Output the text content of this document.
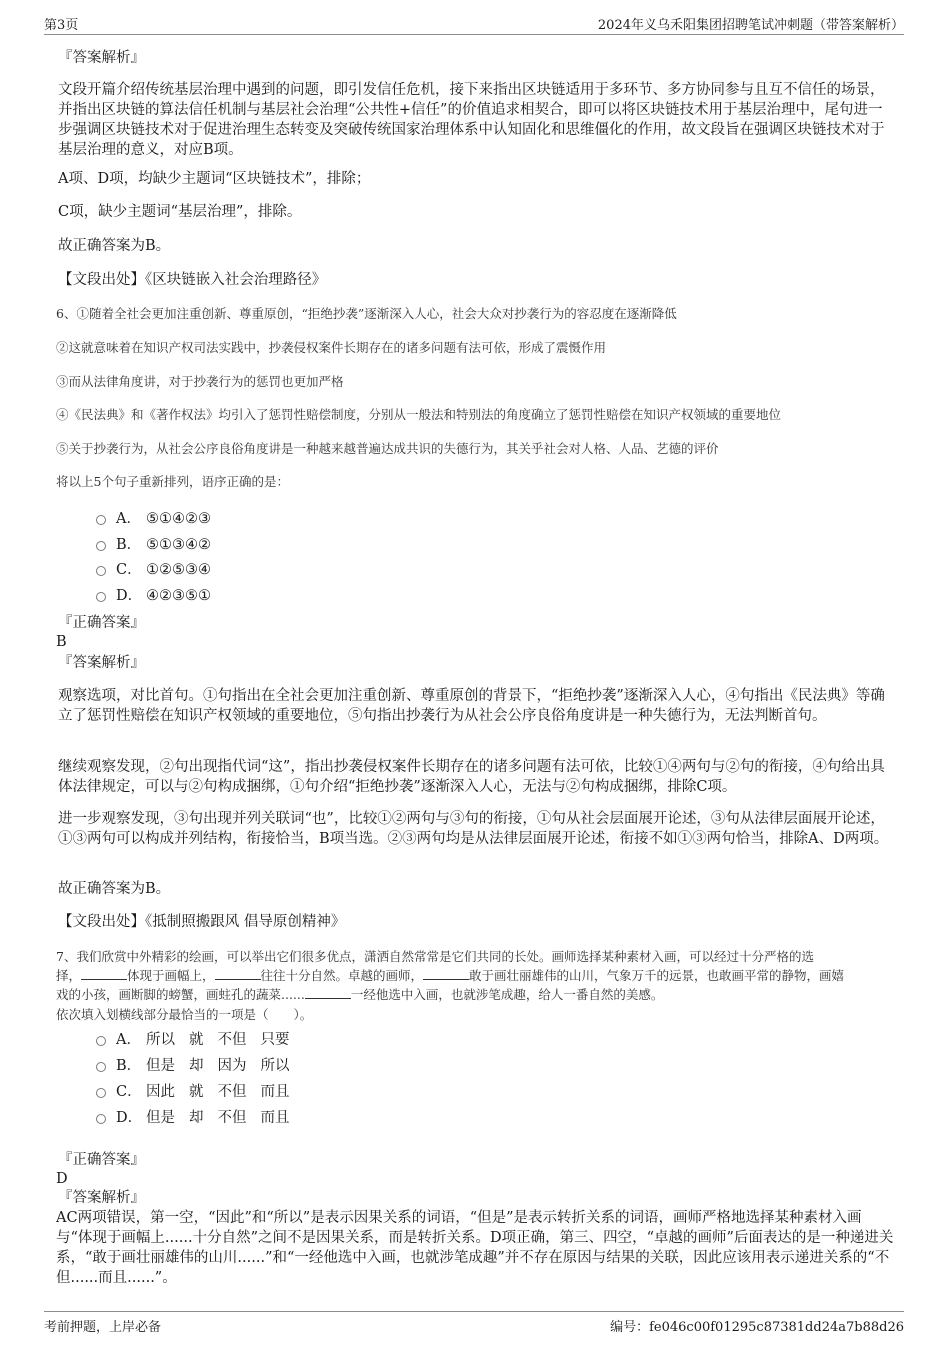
第3页	2024年义乌禾阳集团招聘笔试冲刺题（带答案解析）

『答案解析』

文段开篇介绍传统基层治理中遇到的问题，即引发信任危机，接下来指出区块链适用于多环节、多方协同参与且互不信任的场景，并指出区块链的算法信任机制与基层社会治理“公共性+信任”的价值追求相契合，即可以将区块链技术用于基层治理中，尾句进一步强调区块链技术对于促进治理生态转变及突破传统国家治理体系中认知固化和思维僵化的作用，故文段旨在强调区块链技术对于基层治理的意义，对应B项。

A项、D项，均缺少主题词“区块链技术”，排除；

C项，缺少主题词“基层治理”，排除。

故正确答案为B。

【文段出处】《区块链嵌入社会治理路径》

6、①随着全社会更加注重创新、尊重原创，“拒绝抄袭”逐渐深入人心，社会大众对抄袭行为的容忍度在逐渐降低

②这就意味着在知识产权司法实践中，抄袭侵权案件长期存在的诸多问题有法可依，形成了震慑作用

③而从法律角度讲，对于抄袭行为的惩罚也更加严格

④《民法典》和《著作权法》均引入了惩罚性赔偿制度，分别从一般法和特别法的角度确立了惩罚性赔偿在知识产权领域的重要地位

⑤关于抄袭行为，从社会公序良俗角度讲是一种越来越普遍达成共识的失德行为，其关乎社会对人格、人品、艺德的评价

将以上5个句子重新排列，语序正确的是：

A． ⑤①④②③
B． ⑤①③④②
C． ①②⑤③④
D． ④②③⑤①

『正确答案』

B

『答案解析』

观察选项，对比首句。①句指出在全社会更加注重创新、尊重原创的背景下，“拒绝抄袭”逐渐深入人心，④句指出《民法典》等确立了惩罚性赔偿在知识产权领域的重要地位，⑤句指出抄袭行为从社会公序良俗角度讲是一种失德行为，无法判断首句。

继续观察发现，②句出现指代词“这”，指出抄袭侵权案件长期存在的诸多问题有法可依，比较①④两句与②句的衔接，④句给出具体法律规定，可以与②句构成捆绑，①句介绍“拒绝抄袭”逐渐深入人心，无法与②句构成捆绑，排除C项。

进一步观察发现，③句出现并列关联词“也”，比较①②两句与③句的衔接，①句从社会层面展开论述，③句从法律层面展开论述，①③两句可以构成并列结构，衔接恰当，B项当选。②③两句均是从法律层面展开论述，衔接不如①③两句恰当，排除A、D两项。

故正确答案为B。

【文段出处】《抵制照搬跟风 倡导原创精神》

7、我们欣赏中外精彩的绘画，可以举出它们很多优点，潇洒自然常常是它们共同的长处。画师选择某种素材入画，可以经过十分严格的选

择，	体现于画幅上，	往往十分自然。卓越的画师，	敢于画壮丽雄伟的山川，气象万千的远景，也敢画平常的静物，画嬉

戏的小孩，画断脚的螃蟹，画蛀孔的蔬菜......	一经他选中入画，也就涉笔成趣，给人一番自然的美感。

依次填入划横线部分最恰当的一项是（　　）。

A． 所以 就 不但 只要
B． 但是 却 因为 所以
C． 因此 就 不但 而且
D． 但是 却 不但 而且

『正确答案』

D

『答案解析』

AC两项错误，第一空，“因此”和“所以”是表示因果关系的词语，“但是”是表示转折关系的词语，画师严格地选择某种素材入画与“体现于画幅上......十分自然”之间不是因果关系，而是转折关系。D项正确，第三、四空，“卓越的画师”后面表达的是一种递进关系，“敢于画壮丽雄伟的山川......”和“一经他选中入画，也就涉笔成趣”并不存在原因与结果的关联，因此应该用表示递进关系的“不但......而且......”。

考前押题，上岸必备	编号：fe046c00f01295c87381dd24a7b88d26
